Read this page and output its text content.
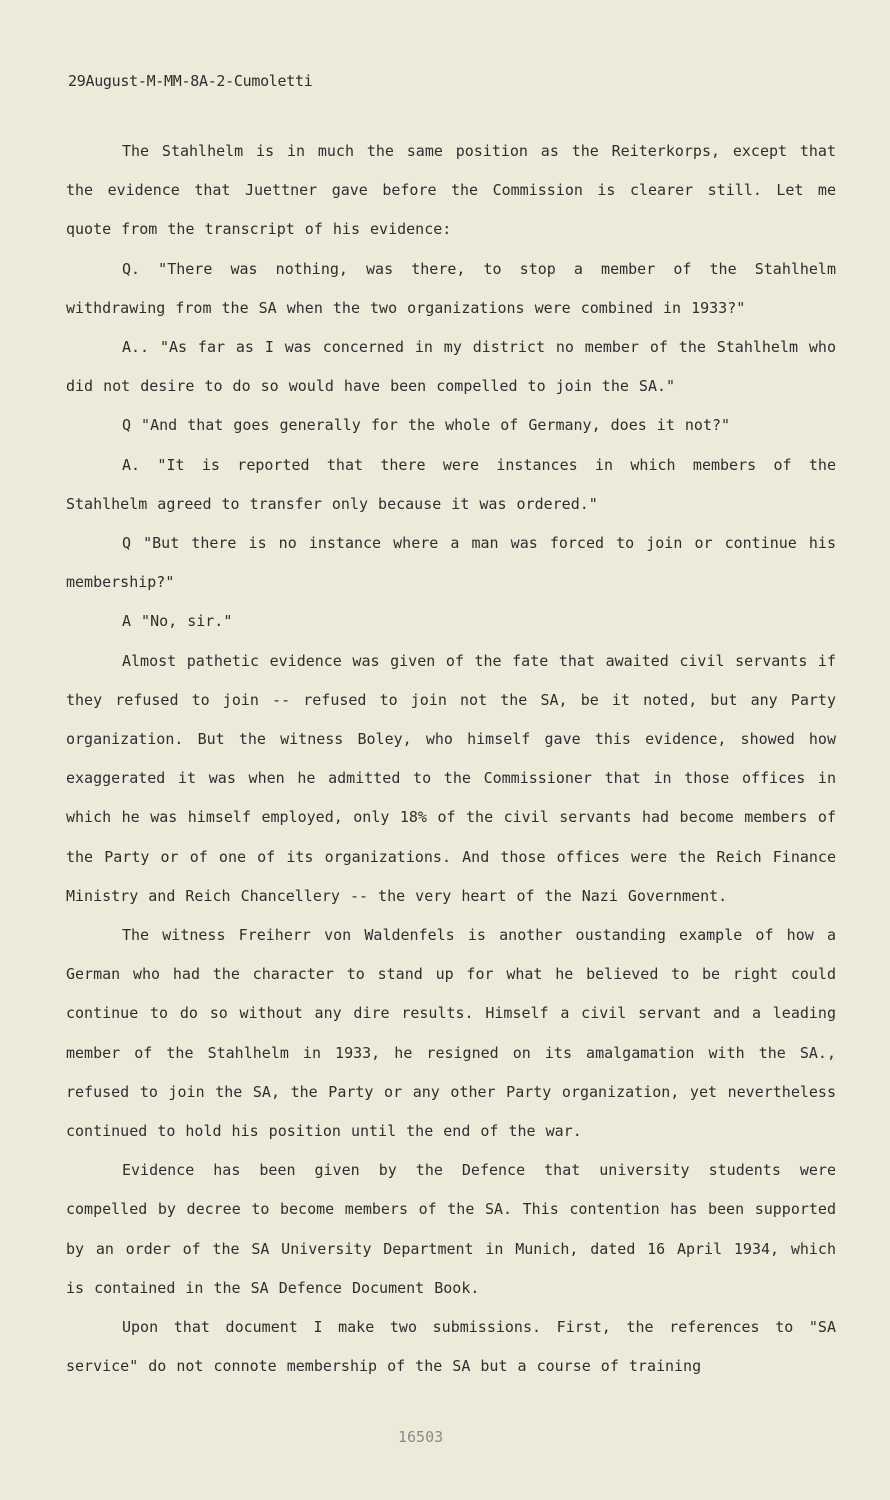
29August-M-MM-8A-2-Cumoletti

The Stahlhelm is in much the same position as the Reiterkorps, except that the evidence that Juettner gave before the Commission is clearer still. Let me quote from the transcript of his evidence:

Q. "There was nothing, was there, to stop a member of the Stahlhelm withdrawing from the SA when the two organizations were combined in 1933?"

A.. "As far as I was concerned in my district no member of the Stahlhelm who did not desire to do so would have been compelled to join the SA."

Q "And that goes generally for the whole of Germany, does it not?"

A. "It is reported that there were instances in which members of the Stahlhelm agreed to transfer only because it was ordered."

Q "But there is no instance where a man was forced to join or continue his membership?"

A "No, sir."

Almost pathetic evidence was given of the fate that awaited civil servants if they refused to join -- refused to join not the SA, be it noted, but any Party organization. But the witness Boley, who himself gave this evidence, showed how exaggerated it was when he admitted to the Commissioner that in those offices in which he was himself employed, only 18% of the civil servants had become members of the Party or of one of its organizations. And those offices were the Reich Finance Ministry and Reich Chancellery -- the very heart of the Nazi Government.

The witness Freiherr von Waldenfels is another oustanding example of how a German who had the character to stand up for what he believed to be right could continue to do so without any dire results. Himself a civil servant and a leading member of the Stahlhelm in 1933, he resigned on its amalgamation with the SA., refused to join the SA, the Party or any other Party organization, yet nevertheless continued to hold his position until the end of the war.

Evidence has been given by the Defence that university students were compelled by decree to become members of the SA. This contention has been supported by an order of the SA University Department in Munich, dated 16 April 1934, which is contained in the SA Defence Document Book.

Upon that document I make two submissions. First, the references to "SA service" do not connote membership of the SA but a course of training

16503
